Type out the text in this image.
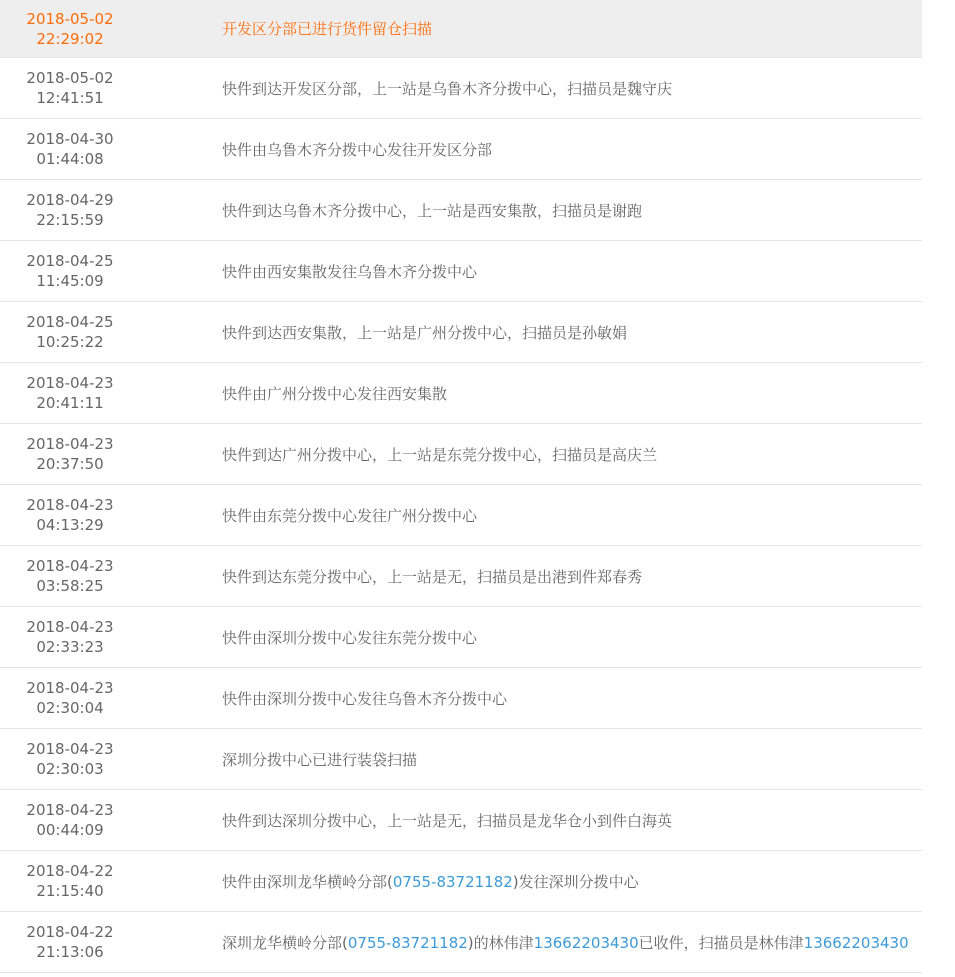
2018-05-02
22:29:02
开发区分部已进行货件留仓扫描
2018-05-02
12:41:51
快件到达开发区分部，上一站是乌鲁木齐分拨中心，扫描员是魏守庆
2018-04-30
01:44:08
快件由乌鲁木齐分拨中心发往开发区分部
2018-04-29
22:15:59
快件到达乌鲁木齐分拨中心，上一站是西安集散，扫描员是谢跑
2018-04-25
11:45:09
快件由西安集散发往乌鲁木齐分拨中心
2018-04-25
10:25:22
快件到达西安集散，上一站是广州分拨中心，扫描员是孙敏娟
2018-04-23
20:41:11
快件由广州分拨中心发往西安集散
2018-04-23
20:37:50
快件到达广州分拨中心，上一站是东莞分拨中心，扫描员是高庆兰
2018-04-23
04:13:29
快件由东莞分拨中心发往广州分拨中心
2018-04-23
03:58:25
快件到达东莞分拨中心，上一站是无，扫描员是出港到件郑春秀
2018-04-23
02:33:23
快件由深圳分拨中心发往东莞分拨中心
2018-04-23
02:30:04
快件由深圳分拨中心发往乌鲁木齐分拨中心
2018-04-23
02:30:03
深圳分拨中心已进行装袋扫描
2018-04-23
00:44:09
快件到达深圳分拨中心，上一站是无，扫描员是龙华仓小到件白海英
2018-04-22
21:15:40
快件由深圳龙华横岭分部(0755-83721182)发往深圳分拨中心
2018-04-22
21:13:06
深圳龙华横岭分部(0755-83721182)的林伟津13662203430已收件，扫描员是林伟津13662203430
